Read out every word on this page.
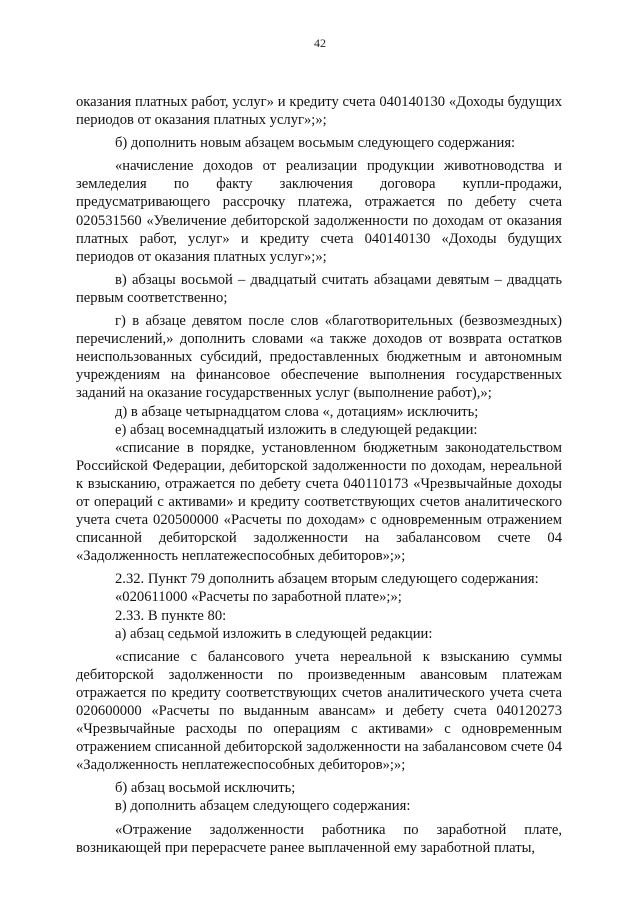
42

оказания платных работ, услуг» и кредиту счета 040140130 «Доходы будущих периодов от оказания платных услуг»;»;

б) дополнить новым абзацем восьмым следующего содержания:

«начисление доходов от реализации продукции животноводства и земледелия по факту заключения договора купли-продажи, предусматривающего рассрочку платежа, отражается по дебету счета 020531560 «Увеличение дебиторской задолженности по доходам от оказания платных работ, услуг» и кредиту счета 040140130 «Доходы будущих периодов от оказания платных услуг»;»;

в) абзацы восьмой – двадцатый считать абзацами девятым – двадцать первым соответственно;

г) в абзаце девятом после слов «благотворительных (безвозмездных) перечислений,» дополнить словами «а также доходов от возврата остатков неиспользованных субсидий, предоставленных бюджетным и автономным учреждениям на финансовое обеспечение выполнения государственных заданий на оказание государственных услуг (выполнение работ),»;

д) в абзаце четырнадцатом слова «, дотациям» исключить;

е) абзац восемнадцатый изложить в следующей редакции:

«списание в порядке, установленном бюджетным законодательством Российской Федерации, дебиторской задолженности по доходам, нереальной к взысканию, отражается по дебету счета 040110173 «Чрезвычайные доходы от операций с активами» и кредиту соответствующих счетов аналитического учета счета 020500000 «Расчеты по доходам» с одновременным отражением списанной дебиторской задолженности на забалансовом счете 04 «Задолженность неплатежеспособных дебиторов»;»;

2.32. Пункт 79 дополнить абзацем вторым следующего содержания:

«020611000 «Расчеты по заработной плате»;»;

2.33. В пункте 80:

а) абзац седьмой изложить в следующей редакции:

«списание с балансового учета нереальной к взысканию суммы дебиторской задолженности по произведенным авансовым платежам отражается по кредиту соответствующих счетов аналитического учета счета 020600000 «Расчеты по выданным авансам» и дебету счета 040120273 «Чрезвычайные расходы по операциям с активами» с одновременным отражением списанной дебиторской задолженности на забалансовом счете 04 «Задолженность неплатежеспособных дебиторов»;»;

б) абзац восьмой исключить;

в) дополнить абзацем следующего содержания:

«Отражение задолженности работника по заработной плате, возникающей при перерасчете ранее выплаченной ему заработной платы,
